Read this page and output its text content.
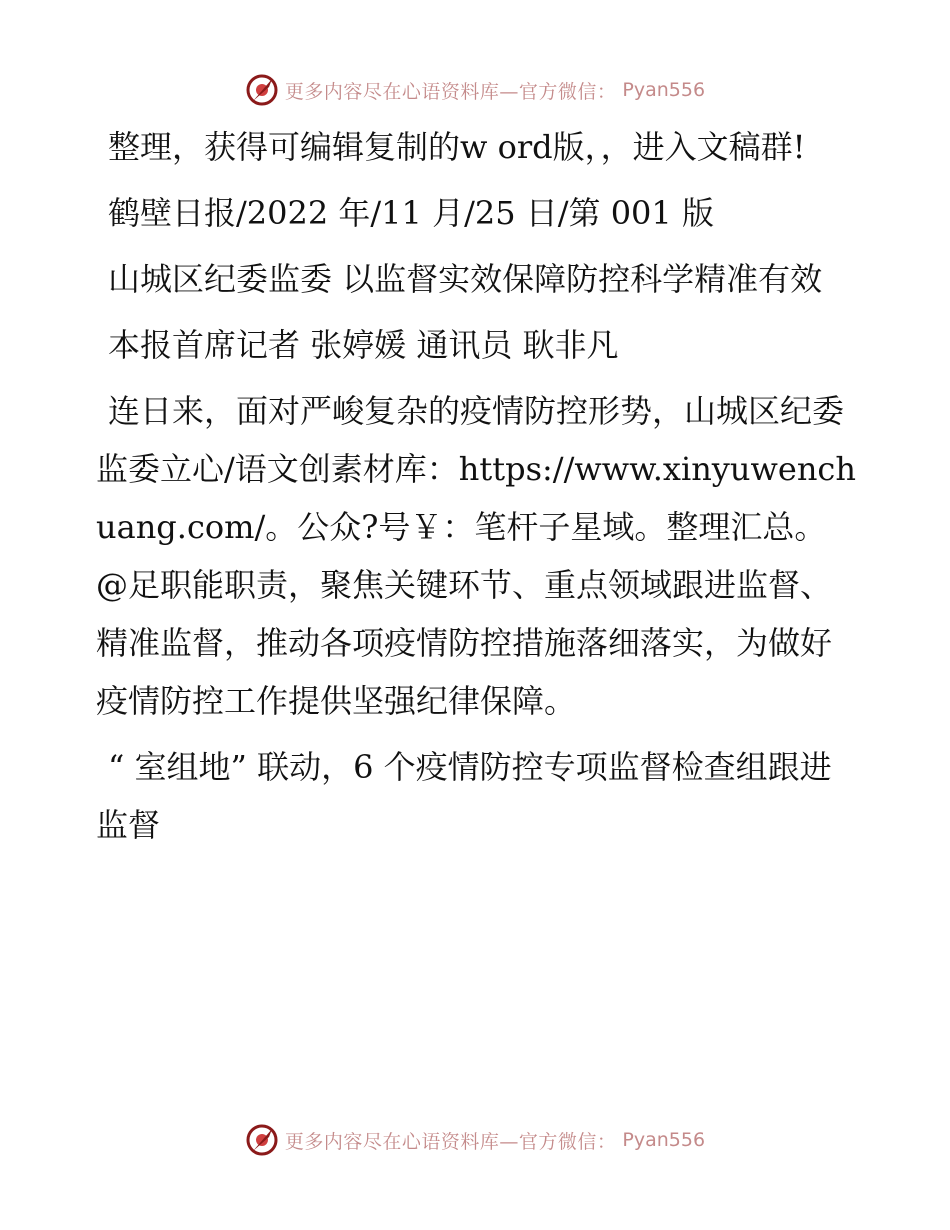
更多内容尽在心语资料库—官方微信： Pyan556

整理，获得可编辑复制的w ord版，，进入文稿群!

鹤壁日报/2022 年/11 月/25 日/第 001 版

山城区纪委监委 以监督实效保障防控科学精准有效

本报首席记者 张婷媛 通讯员 耿非凡

连日来，面对严峻复杂的疫情防控形势，山城区纪委监委立心/语文创素材库：https://www.xinyuwenchuang.com/。公众?号￥：笔杆子星域。整理汇总。@足职能职责，聚焦关键环节、重点领域跟进监督、精准监督，推动各项疫情防控措施落细落实，为做好疫情防控工作提供坚强纪律保障。

“ 室组地” 联动，6 个疫情防控专项监督检查组跟进监督

更多内容尽在心语资料库—官方微信： Pyan556
